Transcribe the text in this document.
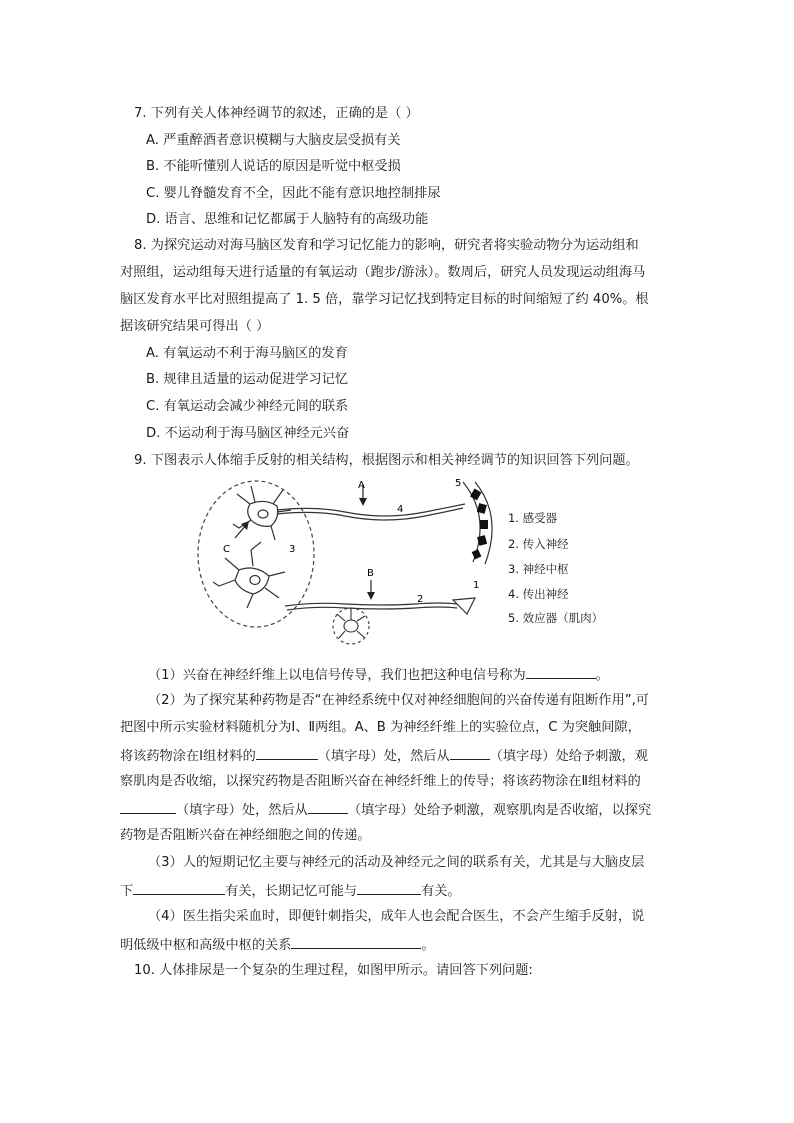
7. 下列有关人体神经调节的叙述，正确的是（ ）
A. 严重醉酒者意识模糊与大脑皮层受损有关
B. 不能听懂别人说话的原因是听觉中枢受损
C. 婴儿脊髓发育不全，因此不能有意识地控制排尿
D. 语言、思维和记忆都属于人脑特有的高级功能
8. 为探究运动对海马脑区发育和学习记忆能力的影响，研究者将实验动物分为运动组和
对照组，运动组每天进行适量的有氧运动（跑步/游泳）。数周后，研究人员发现运动组海马
脑区发育水平比对照组提高了 1. 5 倍，靠学习记忆找到特定目标的时间缩短了约 40%。根
据该研究结果可得出（ ）
A. 有氧运动不利于海马脑区的发育
B. 规律且适量的运动促进学习记忆
C. 有氧运动会减少神经元间的联系
D. 不运动利于海马脑区神经元兴奋
9. 下图表示人体缩手反射的相关结构，根据图示和相关神经调节的知识回答下列问题。
A
B
C
1
2
3
4
5
1. 感受器
2. 传入神经
3. 神经中枢
4. 传出神经
5. 效应器（肌肉）
（1）兴奋在神经纤维上以电信号传导，我们也把这种电信号称为	。
（2）为了探究某种药物是否“在神经系统中仅对神经细胞间的兴奋传递有阻断作用”,可
把图中所示实验材料随机分为Ⅰ、Ⅱ两组。A、B 为神经纤维上的实验位点，C 为突触间隙，
将该药物涂在Ⅰ组材料的	（填字母）处，然后从	（填字母）处给予刺激，观
察肌肉是否收缩，以探究药物是否阻断兴奋在神经纤维上的传导；将该药物涂在Ⅱ组材料的
（填字母）处，然后从	（填字母）处给予刺激，观察肌肉是否收缩，以探究
药物是否阻断兴奋在神经细胞之间的传递。
（3）人的短期记忆主要与神经元的活动及神经元之间的联系有关，尤其是与大脑皮层
下	有关，长期记忆可能与	有关。
（4）医生指尖采血时，即便针刺指尖，成年人也会配合医生，不会产生缩手反射，说
明低级中枢和高级中枢的关系	。
10. 人体排尿是一个复杂的生理过程，如图甲所示。请回答下列问题:
